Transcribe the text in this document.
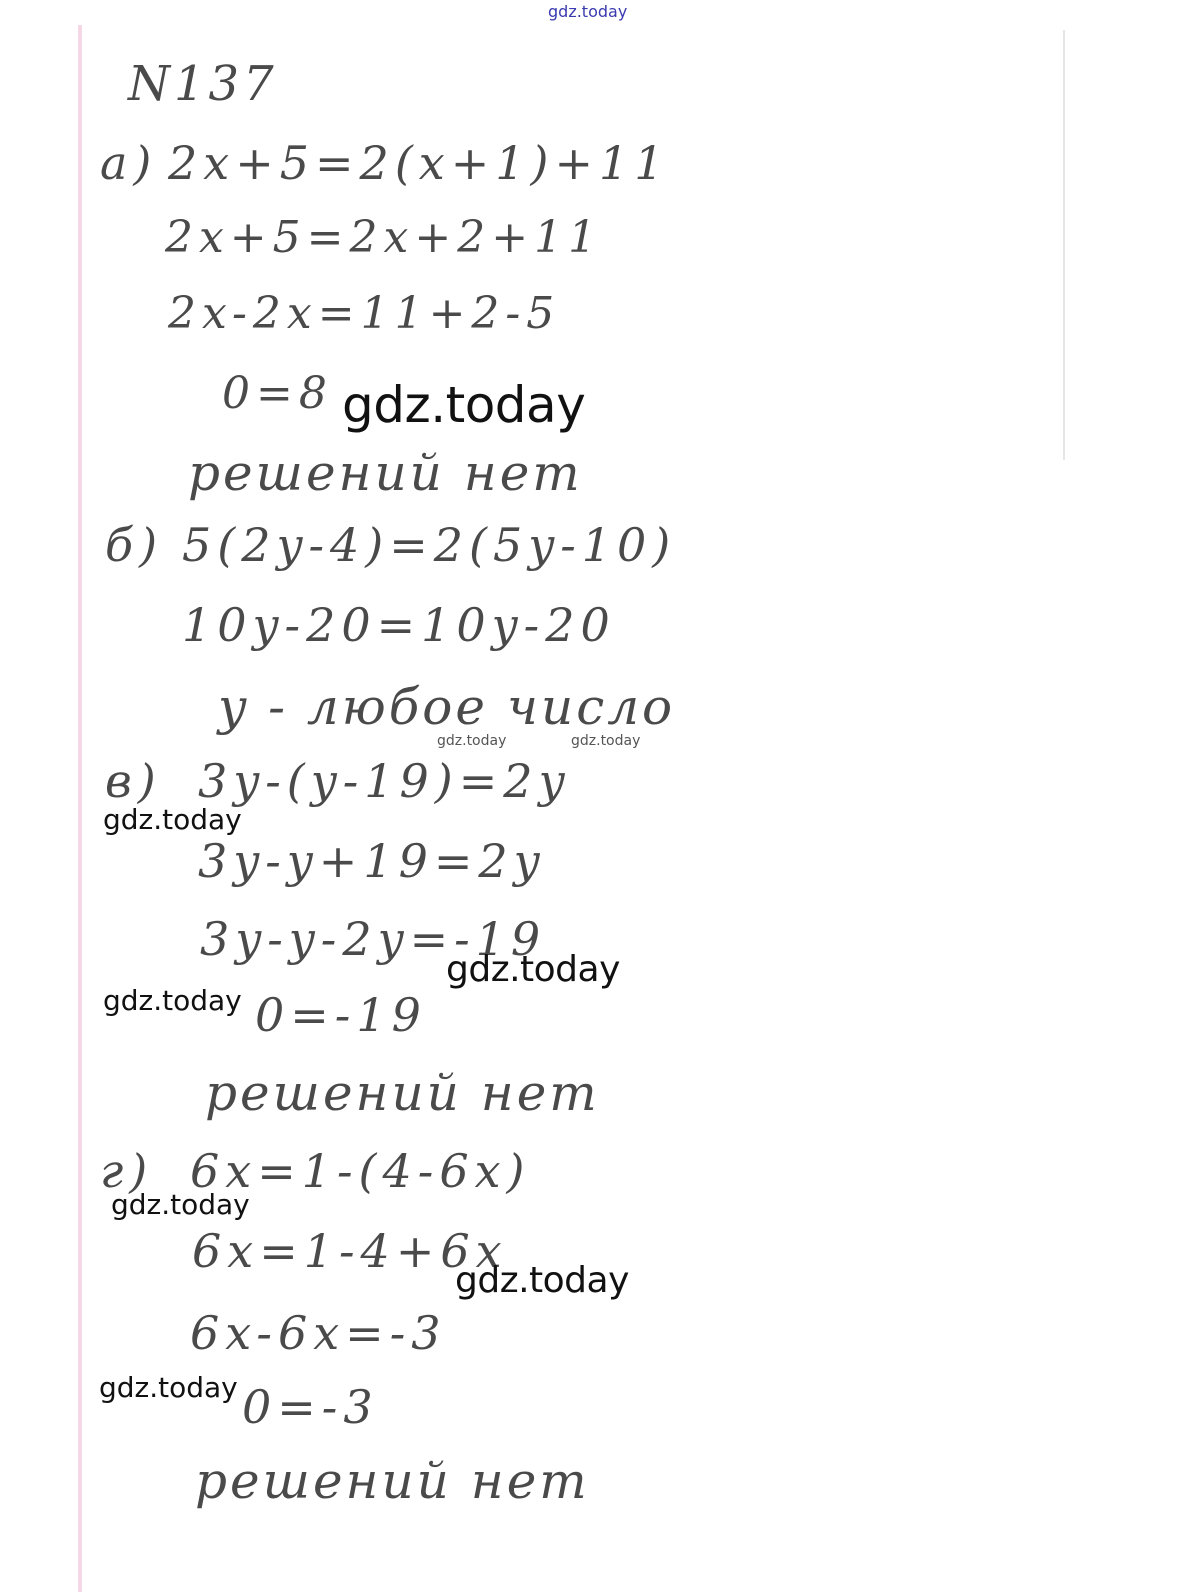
N137
а) 2x+5=2(x+1)+11
2x+5=2x+2+11
2x-2x=11+2-5
0=8
решений нет
б) 5(2y-4)=2(5y-10)
10y-20=10y-20
y - любое число
в) 3y-(y-19)=2y
3y-y+19=2y
3y-y-2y=-19
0=-19
решений нет
г) 6x=1-(4-6x)
6x=1-4+6x
6x-6x=-3
0=-3
решений нет
gdz.today
gdz.today
gdz.today	gdz.today
gdz.today
gdz.today
gdz.today
gdz.today
gdz.today
gdz.today
